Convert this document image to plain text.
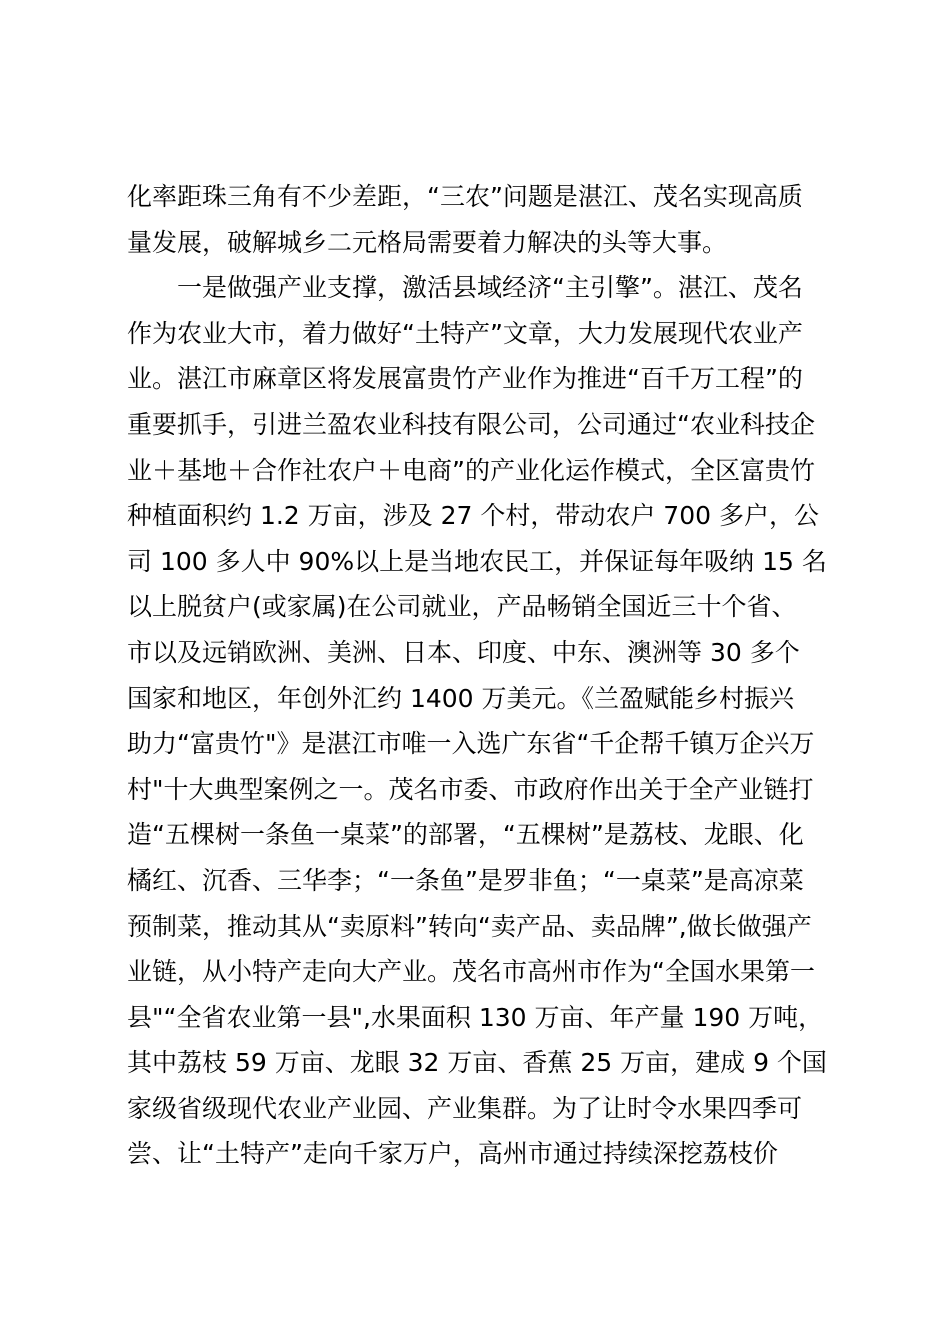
化率距珠三角有不少差距，“三农”问题是湛江、茂名实现高质
量发展，破解城乡二元格局需要着力解决的头等大事。
　　一是做强产业支撑，激活县域经济“主引擎”。湛江、茂名
作为农业大市，着力做好“土特产”文章，大力发展现代农业产
业。湛江市麻章区将发展富贵竹产业作为推进“百千万工程”的
重要抓手，引进兰盈农业科技有限公司，公司通过“农业科技企
业＋基地＋合作社农户＋电商”的产业化运作模式，全区富贵竹
种植面积约 1.2 万亩，涉及 27 个村，带动农户 700 多户，公
司 100 多人中 90%以上是当地农民工，并保证每年吸纳 15 名
以上脱贫户(或家属)在公司就业，产品畅销全国近三十个省、
市以及远销欧洲、美洲、日本、印度、中东、澳洲等 30 多个
国家和地区，年创外汇约 1400 万美元。《兰盈赋能乡村振兴
助力“富贵竹"》是湛江市唯一入选广东省“千企帮千镇万企兴万
村"十大典型案例之一。茂名市委、市政府作出关于全产业链打
造“五棵树一条鱼一桌菜”的部署，“五棵树”是荔枝、龙眼、化
橘红、沉香、三华李；“一条鱼”是罗非鱼；“一桌菜”是高凉菜
预制菜，推动其从“卖原料”转向“卖产品、卖品牌”,做长做强产
业链，从小特产走向大产业。茂名市高州市作为“全国水果第一
县"“全省农业第一县",水果面积 130 万亩、年产量 190 万吨，
其中荔枝 59 万亩、龙眼 32 万亩、香蕉 25 万亩，建成 9 个国
家级省级现代农业产业园、产业集群。为了让时令水果四季可
尝、让“土特产”走向千家万户，高州市通过持续深挖荔枝价
